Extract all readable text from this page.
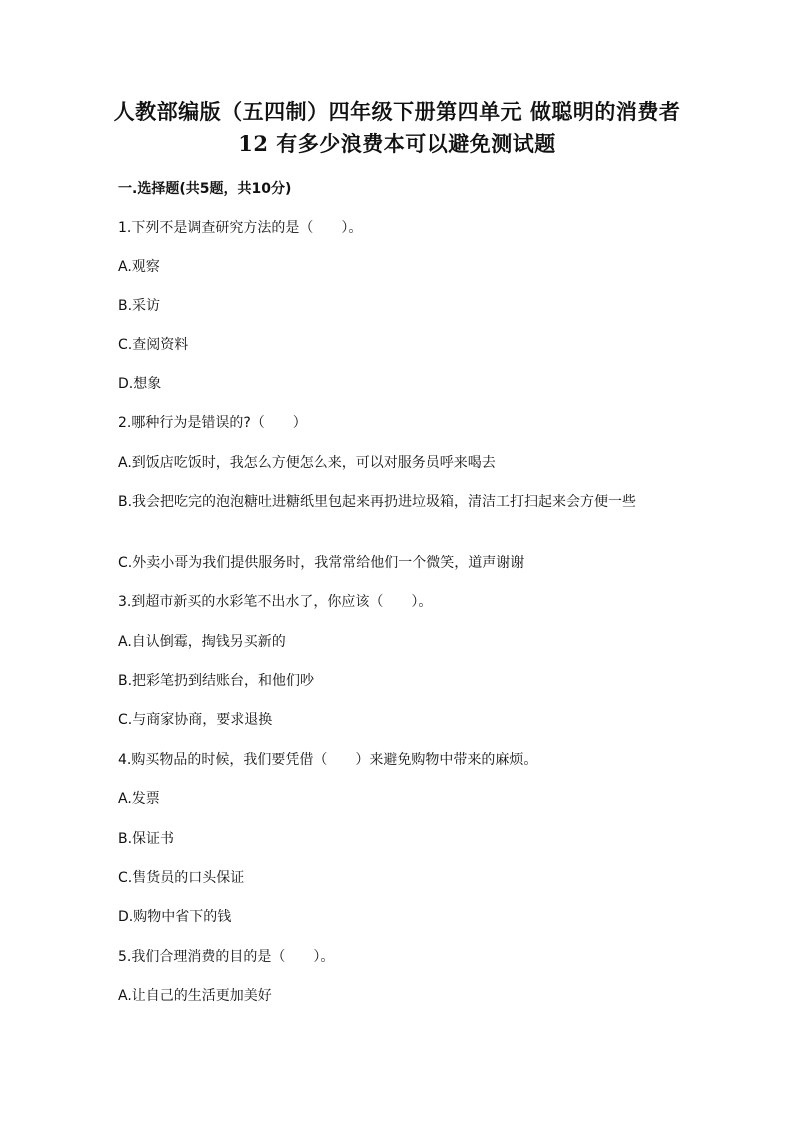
人教部编版（五四制）四年级下册第四单元 做聪明的消费者 12 有多少浪费本可以避免测试题
一.选择题(共5题，共10分)
1.下列不是调查研究方法的是（　　）。
A.观察
B.采访
C.查阅资料
D.想象
2.哪种行为是错误的?（　　）
A.到饭店吃饭时，我怎么方便怎么来，可以对服务员呼来喝去
B.我会把吃完的泡泡糖吐进糖纸里包起来再扔进垃圾箱，清洁工打扫起来会方便一些
C.外卖小哥为我们提供服务时，我常常给他们一个微笑，道声谢谢
3.到超市新买的水彩笔不出水了，你应该（　　）。
A.自认倒霉，掏钱另买新的
B.把彩笔扔到结账台，和他们吵
C.与商家协商，要求退换
4.购买物品的时候，我们要凭借（　　）来避免购物中带来的麻烦。
A.发票
B.保证书
C.售货员的口头保证
D.购物中省下的钱
5.我们合理消费的目的是（　　）。
A.让自己的生活更加美好
